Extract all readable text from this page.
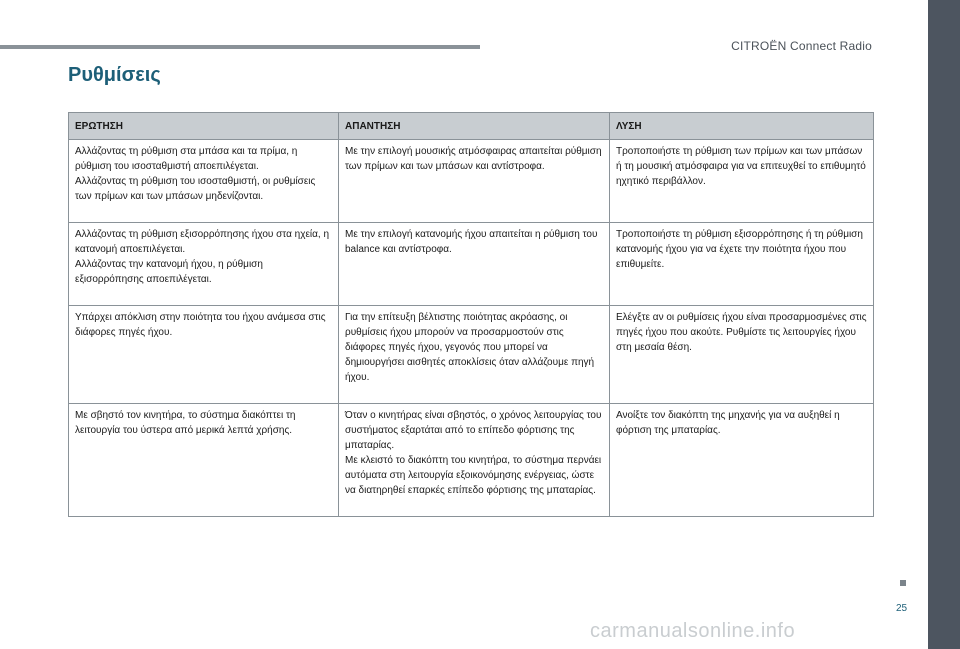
CITROËN Connect Radio
Ρυθμίσεις
ΕΡΩΤΗΣΗ	ΑΠΑΝΤΗΣΗ	ΛΥΣΗ

Αλλάζοντας τη ρύθμιση στα μπάσα και τα πρίμα, η ρύθμιση του ισοσταθμιστή αποεπιλέγεται.
Αλλάζοντας τη ρύθμιση του ισοσταθμιστή, οι ρυθμίσεις των πρίμων και των μπάσων μηδενίζονται.	Με την επιλογή μουσικής ατμόσφαιρας απαιτείται ρύθμιση των πρίμων και των μπάσων και αντίστροφα.	Τροποποιήστε τη ρύθμιση των πρίμων και των μπάσων ή τη μουσική ατμόσφαιρα για να επιτευχθεί το επιθυμητό ηχητικό περιβάλλον.

Αλλάζοντας τη ρύθμιση εξισορρόπησης ήχου στα ηχεία, η κατανομή αποεπιλέγεται.
Αλλάζοντας την κατανομή ήχου, η ρύθμιση εξισορρόπησης αποεπιλέγεται.	Με την επιλογή κατανομής ήχου απαιτείται η ρύθμιση του balance και αντίστροφα.	Τροποποιήστε τη ρύθμιση εξισορρόπησης ή τη ρύθμιση κατανομής ήχου για να έχετε την ποιότητα ήχου που επιθυμείτε.

Υπάρχει απόκλιση στην ποιότητα του ήχου ανάμεσα στις διάφορες πηγές ήχου.	Για την επίτευξη βέλτιστης ποιότητας ακρόασης, οι ρυθμίσεις ήχου μπορούν να προσαρμοστούν στις διάφορες πηγές ήχου, γεγονός που μπορεί να δημιουργήσει αισθητές αποκλίσεις όταν αλλάζουμε πηγή ήχου.	Ελέγξτε αν οι ρυθμίσεις ήχου είναι προσαρμοσμένες στις πηγές ήχου που ακούτε. Ρυθμίστε τις λειτουργίες ήχου στη μεσαία θέση.

Με σβηστό τον κινητήρα, το σύστημα διακόπτει τη λειτουργία του ύστερα από μερικά λεπτά χρήσης.	Όταν ο κινητήρας είναι σβηστός, ο χρόνος λειτουργίας του συστήματος εξαρτάται από το επίπεδο φόρτισης της μπαταρίας.
Με κλειστό το διακόπτη του κινητήρα, το σύστημα περνάει αυτόματα στη λειτουργία εξοικονόμησης ενέργειας, ώστε να διατηρηθεί επαρκές επίπεδο φόρτισης της μπαταρίας.	Ανοίξτε τον διακόπτη της μηχανής για να αυξηθεί η φόρτιση της μπαταρίας.
25
carmanualsonline.info
